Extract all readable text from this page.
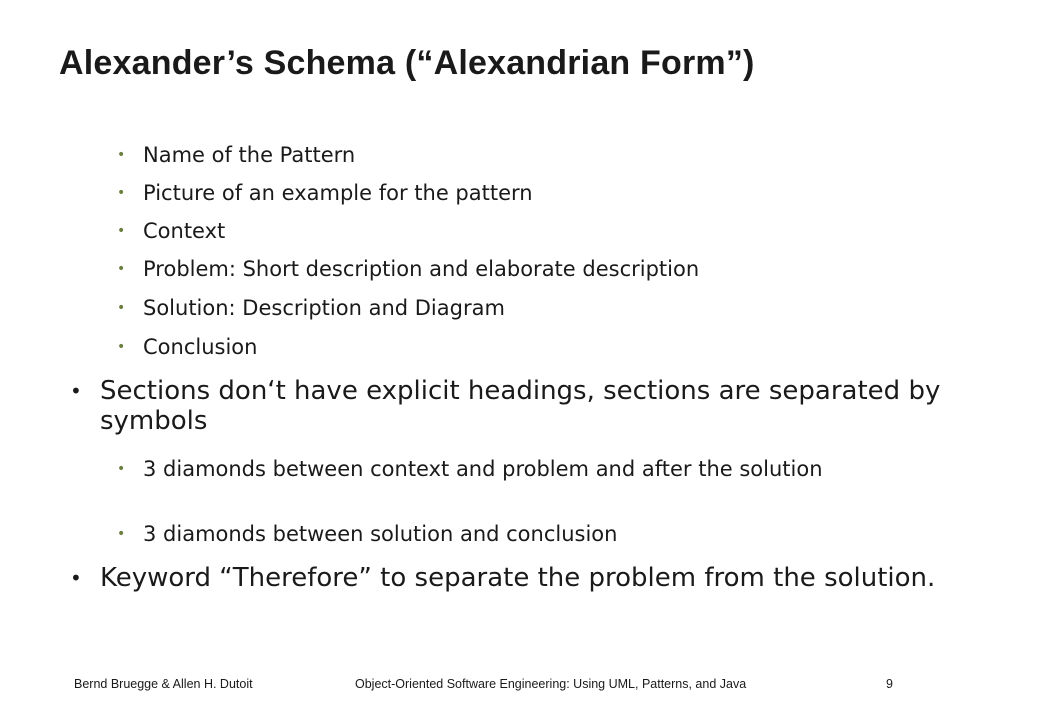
Alexander’s Schema (“Alexandrian Form”)
• Name of the Pattern
• Picture of an example for the pattern
• Context
• Problem: Short description and elaborate description
• Solution: Description and Diagram
• Conclusion
• Sections don‘t have explicit headings, sections are separated by symbols
• 3 diamonds between context and problem and after the solution
• 3 diamonds between solution and conclusion
• Keyword “Therefore” to separate the problem from the solution.
Bernd Bruegge & Allen H. Dutoit	Object-Oriented Software Engineering: Using UML, Patterns, and Java	9
